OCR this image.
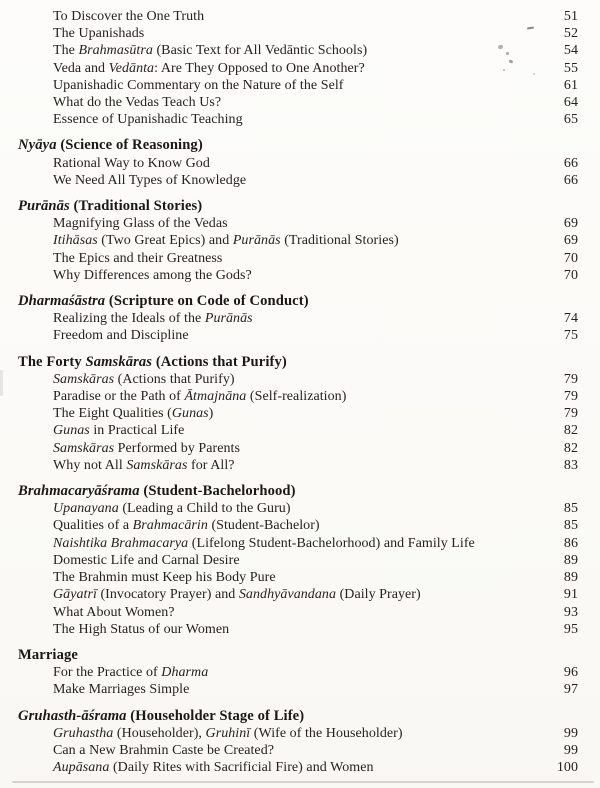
To Discover the One Truth	51
The Upanishads	52
The Brahmasūtra (Basic Text for All Vedāntic Schools)	54
Veda and Vedānta: Are They Opposed to One Another?	55
Upanishadic Commentary on the Nature of the Self	61
What do the Vedas Teach Us?	64
Essence of Upanishadic Teaching	65
Nyāya (Science of Reasoning)
Rational Way to Know God	66
We Need All Types of Knowledge	66
Purānās (Traditional Stories)
Magnifying Glass of the Vedas	69
Itihāsas (Two Great Epics) and Purānās (Traditional Stories)	69
The Epics and their Greatness	70
Why Differences among the Gods?	70
Dharmaśāstra (Scripture on Code of Conduct)
Realizing the Ideals of the Purānās	74
Freedom and Discipline	75
The Forty Samskāras (Actions that Purify)
Samskāras (Actions that Purify)	79
Paradise or the Path of Ātmajnāna (Self-realization)	79
The Eight Qualities (Gunas)	79
Gunas in Practical Life	82
Samskāras Performed by Parents	82
Why not All Samskāras for All?	83
Brahmacaryāśrama (Student-Bachelorhood)
Upanayana (Leading a Child to the Guru)	85
Qualities of a Brahmacārin (Student-Bachelor)	85
Naishtika Brahmacarya (Lifelong Student-Bachelorhood) and Family Life	86
Domestic Life and Carnal Desire	89
The Brahmin must Keep his Body Pure	89
Gāyatrī (Invocatory Prayer) and Sandhyāvandana (Daily Prayer)	91
What About Women?	93
The High Status of our Women	95
Marriage
For the Practice of Dharma	96
Make Marriages Simple	97
Gruhasth-āśrama (Householder Stage of Life)
Gruhastha (Householder), Gruhinī (Wife of the Householder)	99
Can a New Brahmin Caste be Created?	99
Aupāsana (Daily Rites with Sacrificial Fire) and Women	100
